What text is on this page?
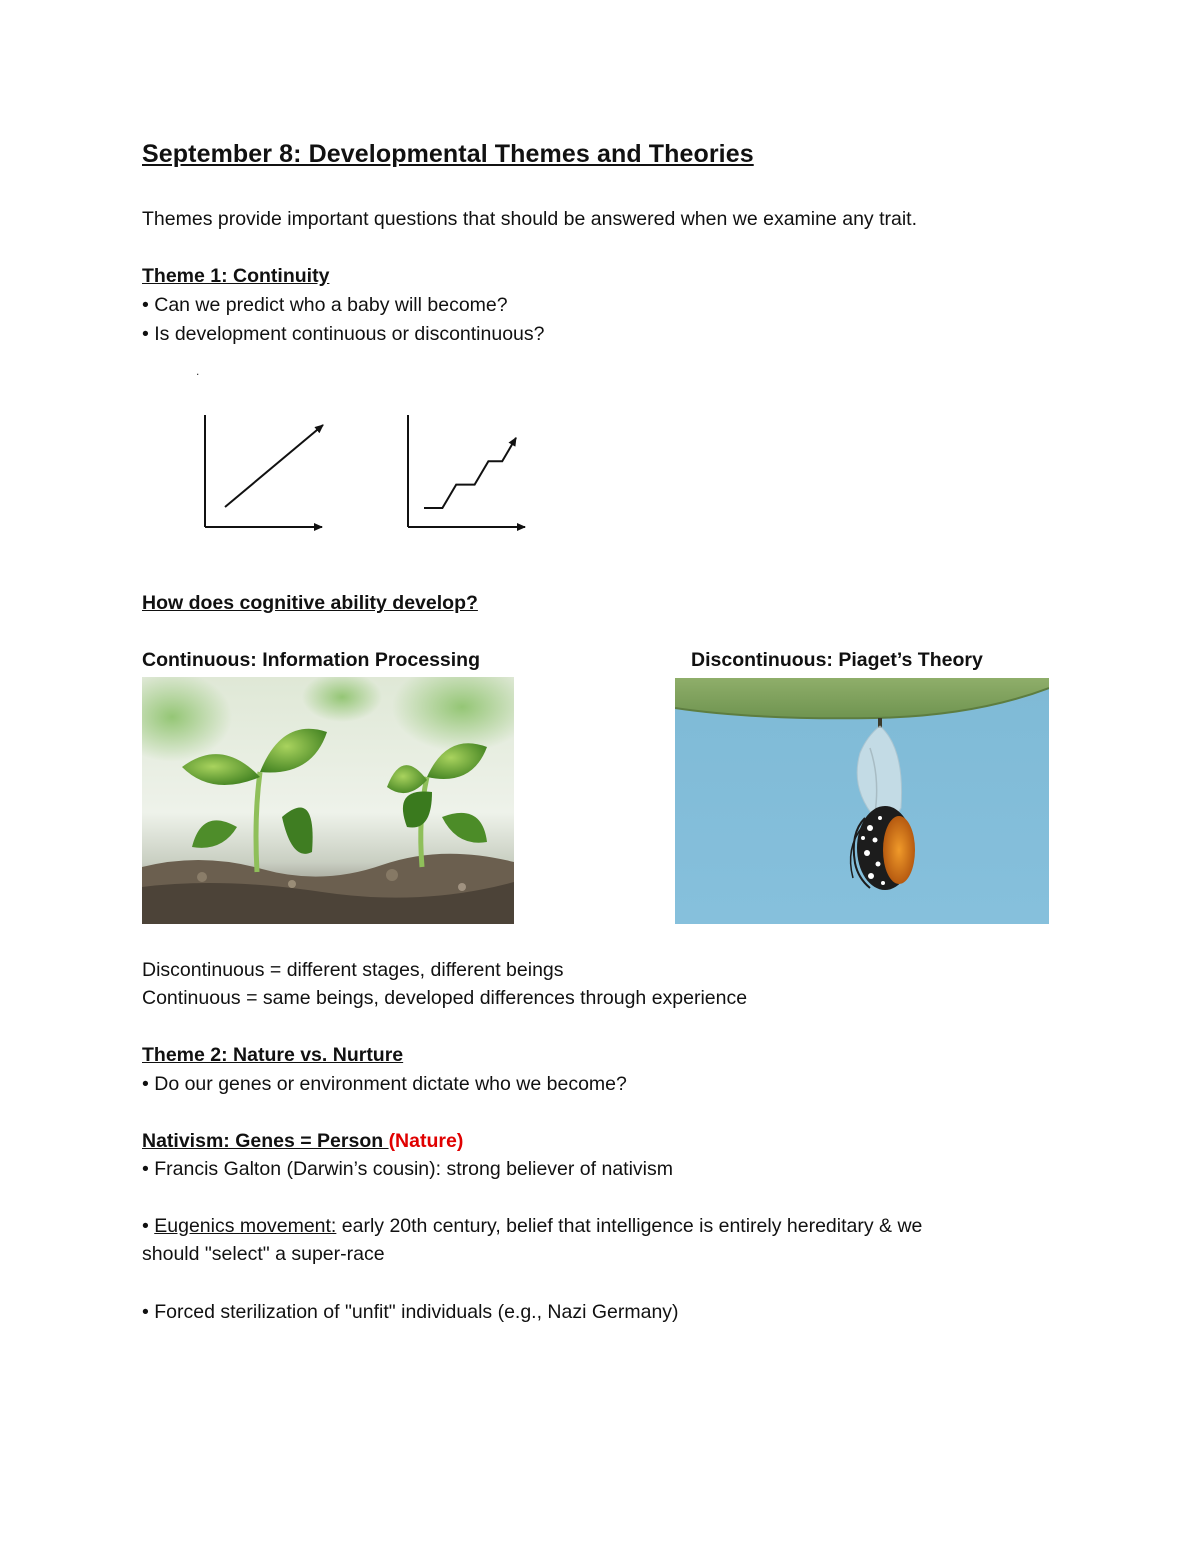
September 8: Developmental Themes and Theories

Themes provide important questions that should be answered when we examine any trait.

Theme 1: Continuity

• Can we predict who a baby will become?

• Is development continuous or discontinuous?

.

How does cognitive ability develop?

Continuous: Information Processing	Discontinuous: Piaget’s Theory

Discontinuous = different stages, different beings

Continuous = same beings, developed differences through experience

Theme 2: Nature vs. Nurture

• Do our genes or environment dictate who we become?

Nativism: Genes = Person (Nature)

• Francis Galton (Darwin’s cousin): strong believer of nativism

• Eugenics movement: early 20th century, belief that intelligence is entirely hereditary & we

should "select" a super-race

• Forced sterilization of "unfit" individuals (e.g., Nazi Germany)
